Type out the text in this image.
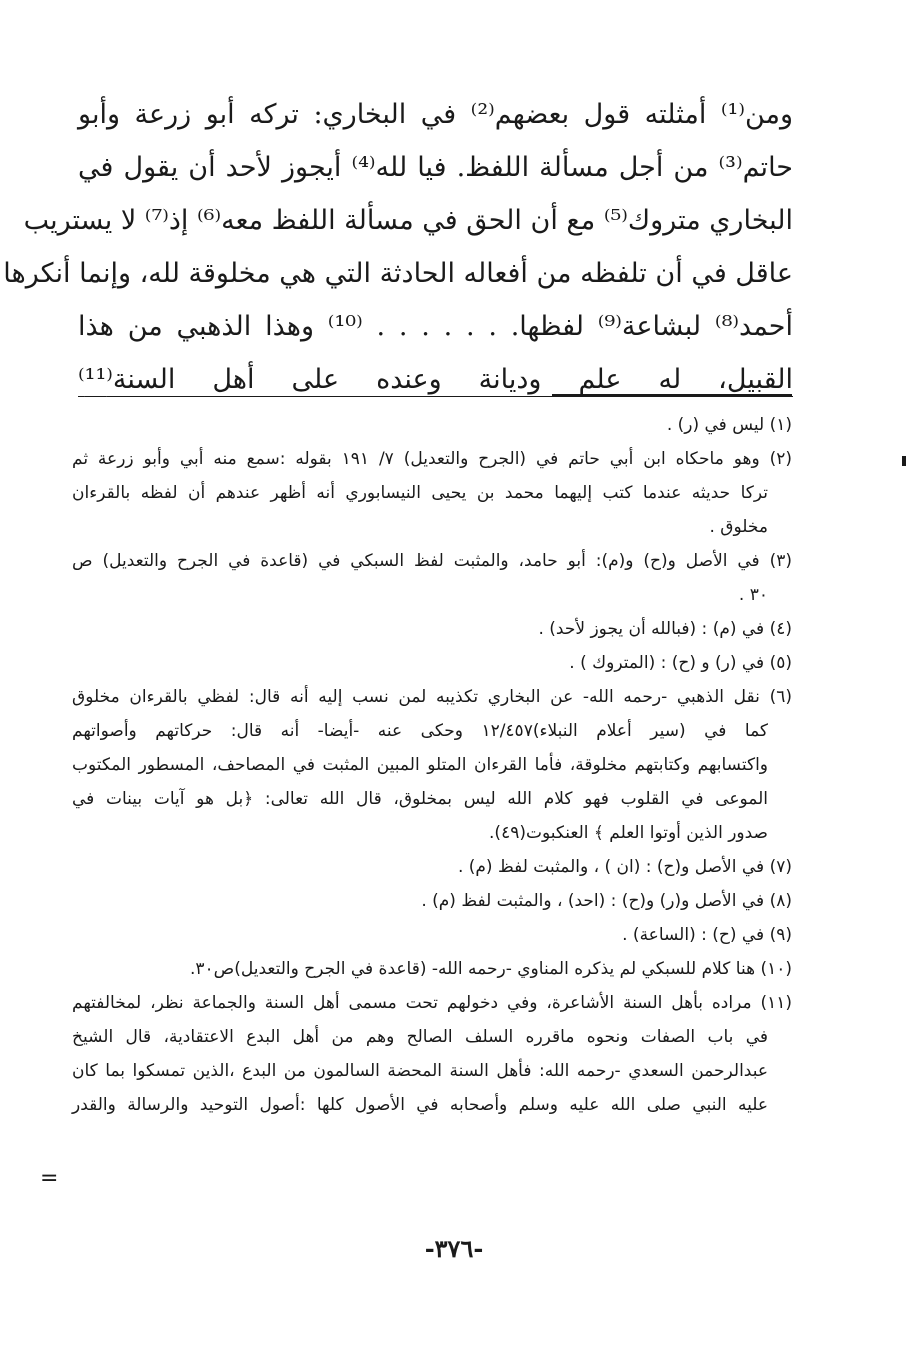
ومن⁽¹⁾ أمثلته قول بعضهم⁽²⁾ في البخاري: تركه أبو زرعة وأبو
حاتم⁽³⁾ من أجل مسألة اللفظ. فيا لله⁽⁴⁾ أيجوز لأحد أن يقول في
البخاري متروك⁽⁵⁾ مع أن الحق في مسألة اللفظ معه⁽⁶⁾ إذ⁽⁷⁾ لا يستريب
عاقل في أن تلفظه من أفعاله الحادثة التي هي مخلوقة لله، وإنما أنكرها
أحمد⁽⁸⁾ لبشاعة⁽⁹⁾ لفظها. . . . . . . ⁽¹⁰⁾ وهذا الذهبي من هذا
القبيل، له علم وديانة وعنده على أهل السنة⁽¹¹⁾
(١) ليس في (ر) .
(٢) وهو ماحكاه ابن أبي حاتم في (الجرح والتعديل) ٧/ ١٩١ بقوله :سمع منه أبي وأبو زرعة ثم
تركا حديثه عندما كتب إليهما محمد بن يحيى النيسابوري أنه أظهر عندهم أن لفظه بالقرءان
مخلوق .
(٣) في الأصل و(ح) و(م): أبو حامد، والمثبت لفظ السبكي في (قاعدة في الجرح والتعديل) ص
٣٠ .
(٤) في (م) : (فبالله أن يجوز لأحد) .
(٥) في (ر) و (ح) : (المتروك ) .
(٦) نقل الذهبي -رحمه الله- عن البخاري تكذيبه لمن نسب إليه أنه قال: لفظي بالقرءان مخلوق
كما في (سير أعلام النبلاء)١٢/٤٥٧ وحكى عنه -أيضا- أنه قال: حركاتهم وأصواتهم
واكتسابهم وكتابتهم مخلوقة، فأما القرءان المتلو المبين المثبت في المصاحف، المسطور المكتوب
الموعى في القلوب فهو كلام الله ليس بمخلوق، قال الله تعالى: ﴿بل هو آيات بينات في
صدور الذين أوتوا العلم ﴾ العنكبوت(٤٩).
(٧) في الأصل و(ح) : (ان ) ، والمثبت لفظ (م) .
(٨) في الأصل و(ر) و(ح) : (احد) ، والمثبت لفظ (م) .
(٩) في (ح) : (الساعة) .
(١٠) هنا كلام للسبكي لم يذكره المناوي -رحمه الله- (قاعدة في الجرح والتعديل)ص٣٠.
(١١) مراده بأهل السنة الأشاعرة، وفي دخولهم تحت مسمى أهل السنة والجماعة نظر، لمخالفتهم
في باب الصفات ونحوه ماقرره السلف الصالح وهم من أهل البدع الاعتقادية، قال الشيخ
عبدالرحمن السعدي -رحمه الله: فأهل السنة المحضة السالمون من البدع ،الذين تمسكوا بما كان
عليه النبي صلى الله عليه وسلم وأصحابه في الأصول كلها :أصول التوحيد والرسالة والقدر
=
-٣٧٦-
